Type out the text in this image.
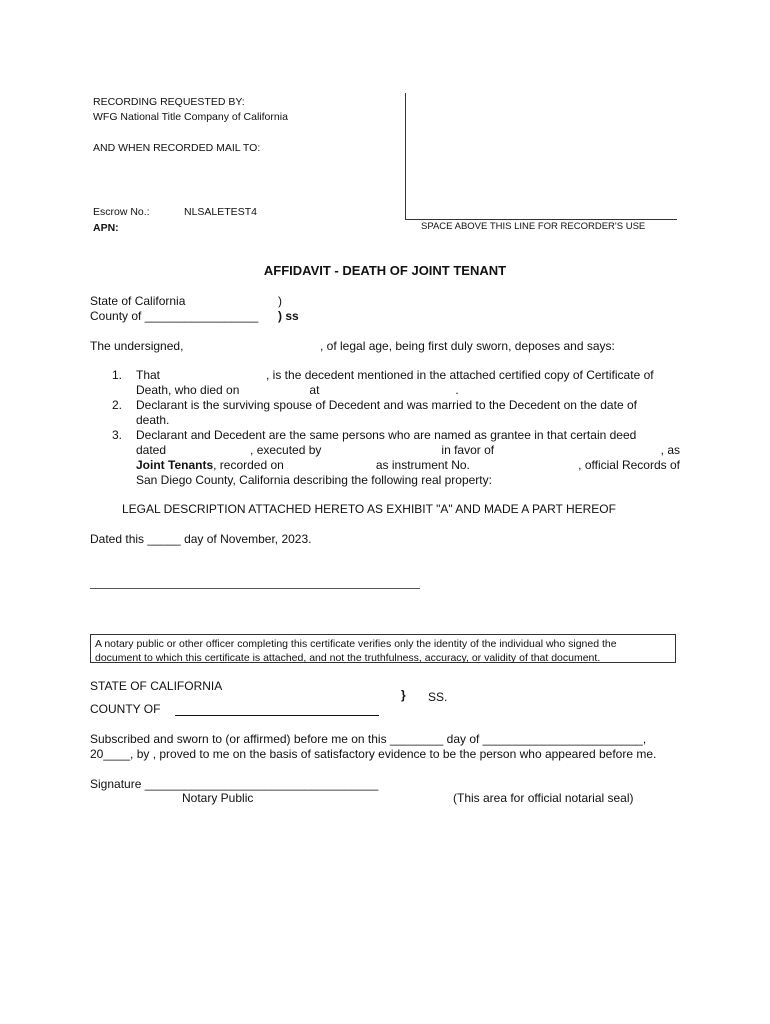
RECORDING REQUESTED BY:
WFG National Title Company of California
AND WHEN RECORDED MAIL TO:
Escrow No.:	NLSALETEST4
APN:	SPACE ABOVE THIS LINE FOR RECORDER'S USE
AFFIDAVIT - DEATH OF JOINT TENANT
State of California	)
County of _________________ ) ss
The undersigned,	, of legal age, being first duly sworn, deposes and says:
1. That	, is the decedent mentioned in the attached certified copy of Certificate of
Death, who died on	at	.
2. Declarant is the surviving spouse of Decedent and was married to the Decedent on the date of
death.
3. Declarant and Decedent are the same persons who are named as grantee in that certain deed
dated	, executed by	in favor of	, as
Joint Tenants, recorded on	as instrument No.	, official Records of
San Diego County, California describing the following real property:
LEGAL DESCRIPTION ATTACHED HERETO AS EXHIBIT "A" AND MADE A PART HEREOF
Dated this _____ day of November, 2023.
A notary public or other officer completing this certificate verifies only the identity of the individual who signed the
document to which this certificate is attached, and not the truthfulness, accuracy, or validity of that document.
STATE OF CALIFORNIA
} SS.
COUNTY OF
Subscribed and sworn to (or affirmed) before me on this ________ day of ________________________,
20____, by , proved to me on the basis of satisfactory evidence to be the person who appeared before me.
Signature ___________________________________
Notary Public	(This area for official notarial seal)
